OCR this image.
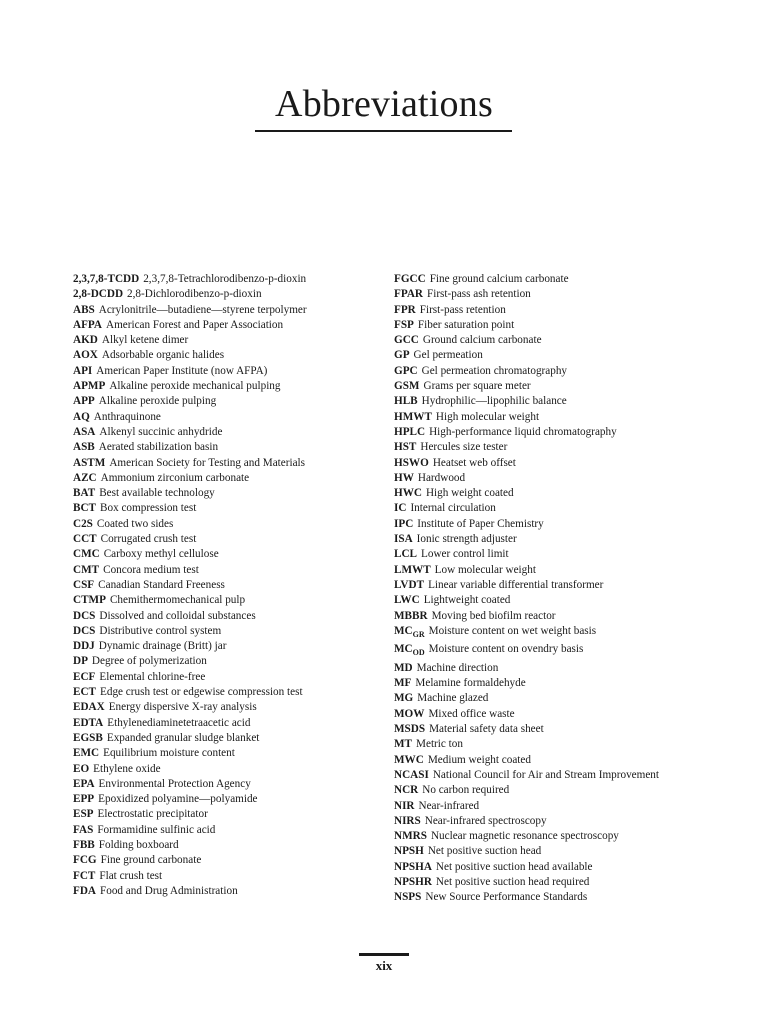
Abbreviations
2,3,7,8-TCDD 2,3,7,8-Tetrachlorodibenzo-p-dioxin
2,8-DCDD 2,8-Dichlorodibenzo-p-dioxin
ABS Acrylonitrile—butadiene—styrene terpolymer
AFPA American Forest and Paper Association
AKD Alkyl ketene dimer
AOX Adsorbable organic halides
API American Paper Institute (now AFPA)
APMP Alkaline peroxide mechanical pulping
APP Alkaline peroxide pulping
AQ Anthraquinone
ASA Alkenyl succinic anhydride
ASB Aerated stabilization basin
ASTM American Society for Testing and Materials
AZC Ammonium zirconium carbonate
BAT Best available technology
BCT Box compression test
C2S Coated two sides
CCT Corrugated crush test
CMC Carboxy methyl cellulose
CMT Concora medium test
CSF Canadian Standard Freeness
CTMP Chemithermomechanical pulp
DCS Dissolved and colloidal substances
DCS Distributive control system
DDJ Dynamic drainage (Britt) jar
DP Degree of polymerization
ECF Elemental chlorine-free
ECT Edge crush test or edgewise compression test
EDAX Energy dispersive X-ray analysis
EDTA Ethylenediaminetetraacetic acid
EGSB Expanded granular sludge blanket
EMC Equilibrium moisture content
EO Ethylene oxide
EPA Environmental Protection Agency
EPP Epoxidized polyamine—polyamide
ESP Electrostatic precipitator
FAS Formamidine sulfinic acid
FBB Folding boxboard
FCG Fine ground carbonate
FCT Flat crush test
FDA Food and Drug Administration
FGCC Fine ground calcium carbonate
FPAR First-pass ash retention
FPR First-pass retention
FSP Fiber saturation point
GCC Ground calcium carbonate
GP Gel permeation
GPC Gel permeation chromatography
GSM Grams per square meter
HLB Hydrophilic—lipophilic balance
HMWT High molecular weight
HPLC High-performance liquid chromatography
HST Hercules size tester
HSWO Heatset web offset
HW Hardwood
HWC High weight coated
IC Internal circulation
IPC Institute of Paper Chemistry
ISA Ionic strength adjuster
LCL Lower control limit
LMWT Low molecular weight
LVDT Linear variable differential transformer
LWC Lightweight coated
MBBR Moving bed biofilm reactor
$MC_{GR}$ Moisture content on wet weight basis
$MC_{OD}$ Moisture content on ovendry basis
MD Machine direction
MF Melamine formaldehyde
MG Machine glazed
MOW Mixed office waste
MSDS Material safety data sheet
MT Metric ton
MWC Medium weight coated
NCASI National Council for Air and Stream Improvement
NCR No carbon required
NIR Near-infrared
NIRS Near-infrared spectroscopy
NMRS Nuclear magnetic resonance spectroscopy
NPSH Net positive suction head
NPSHA Net positive suction head available
NPSHR Net positive suction head required
NSPS New Source Performance Standards
xix
